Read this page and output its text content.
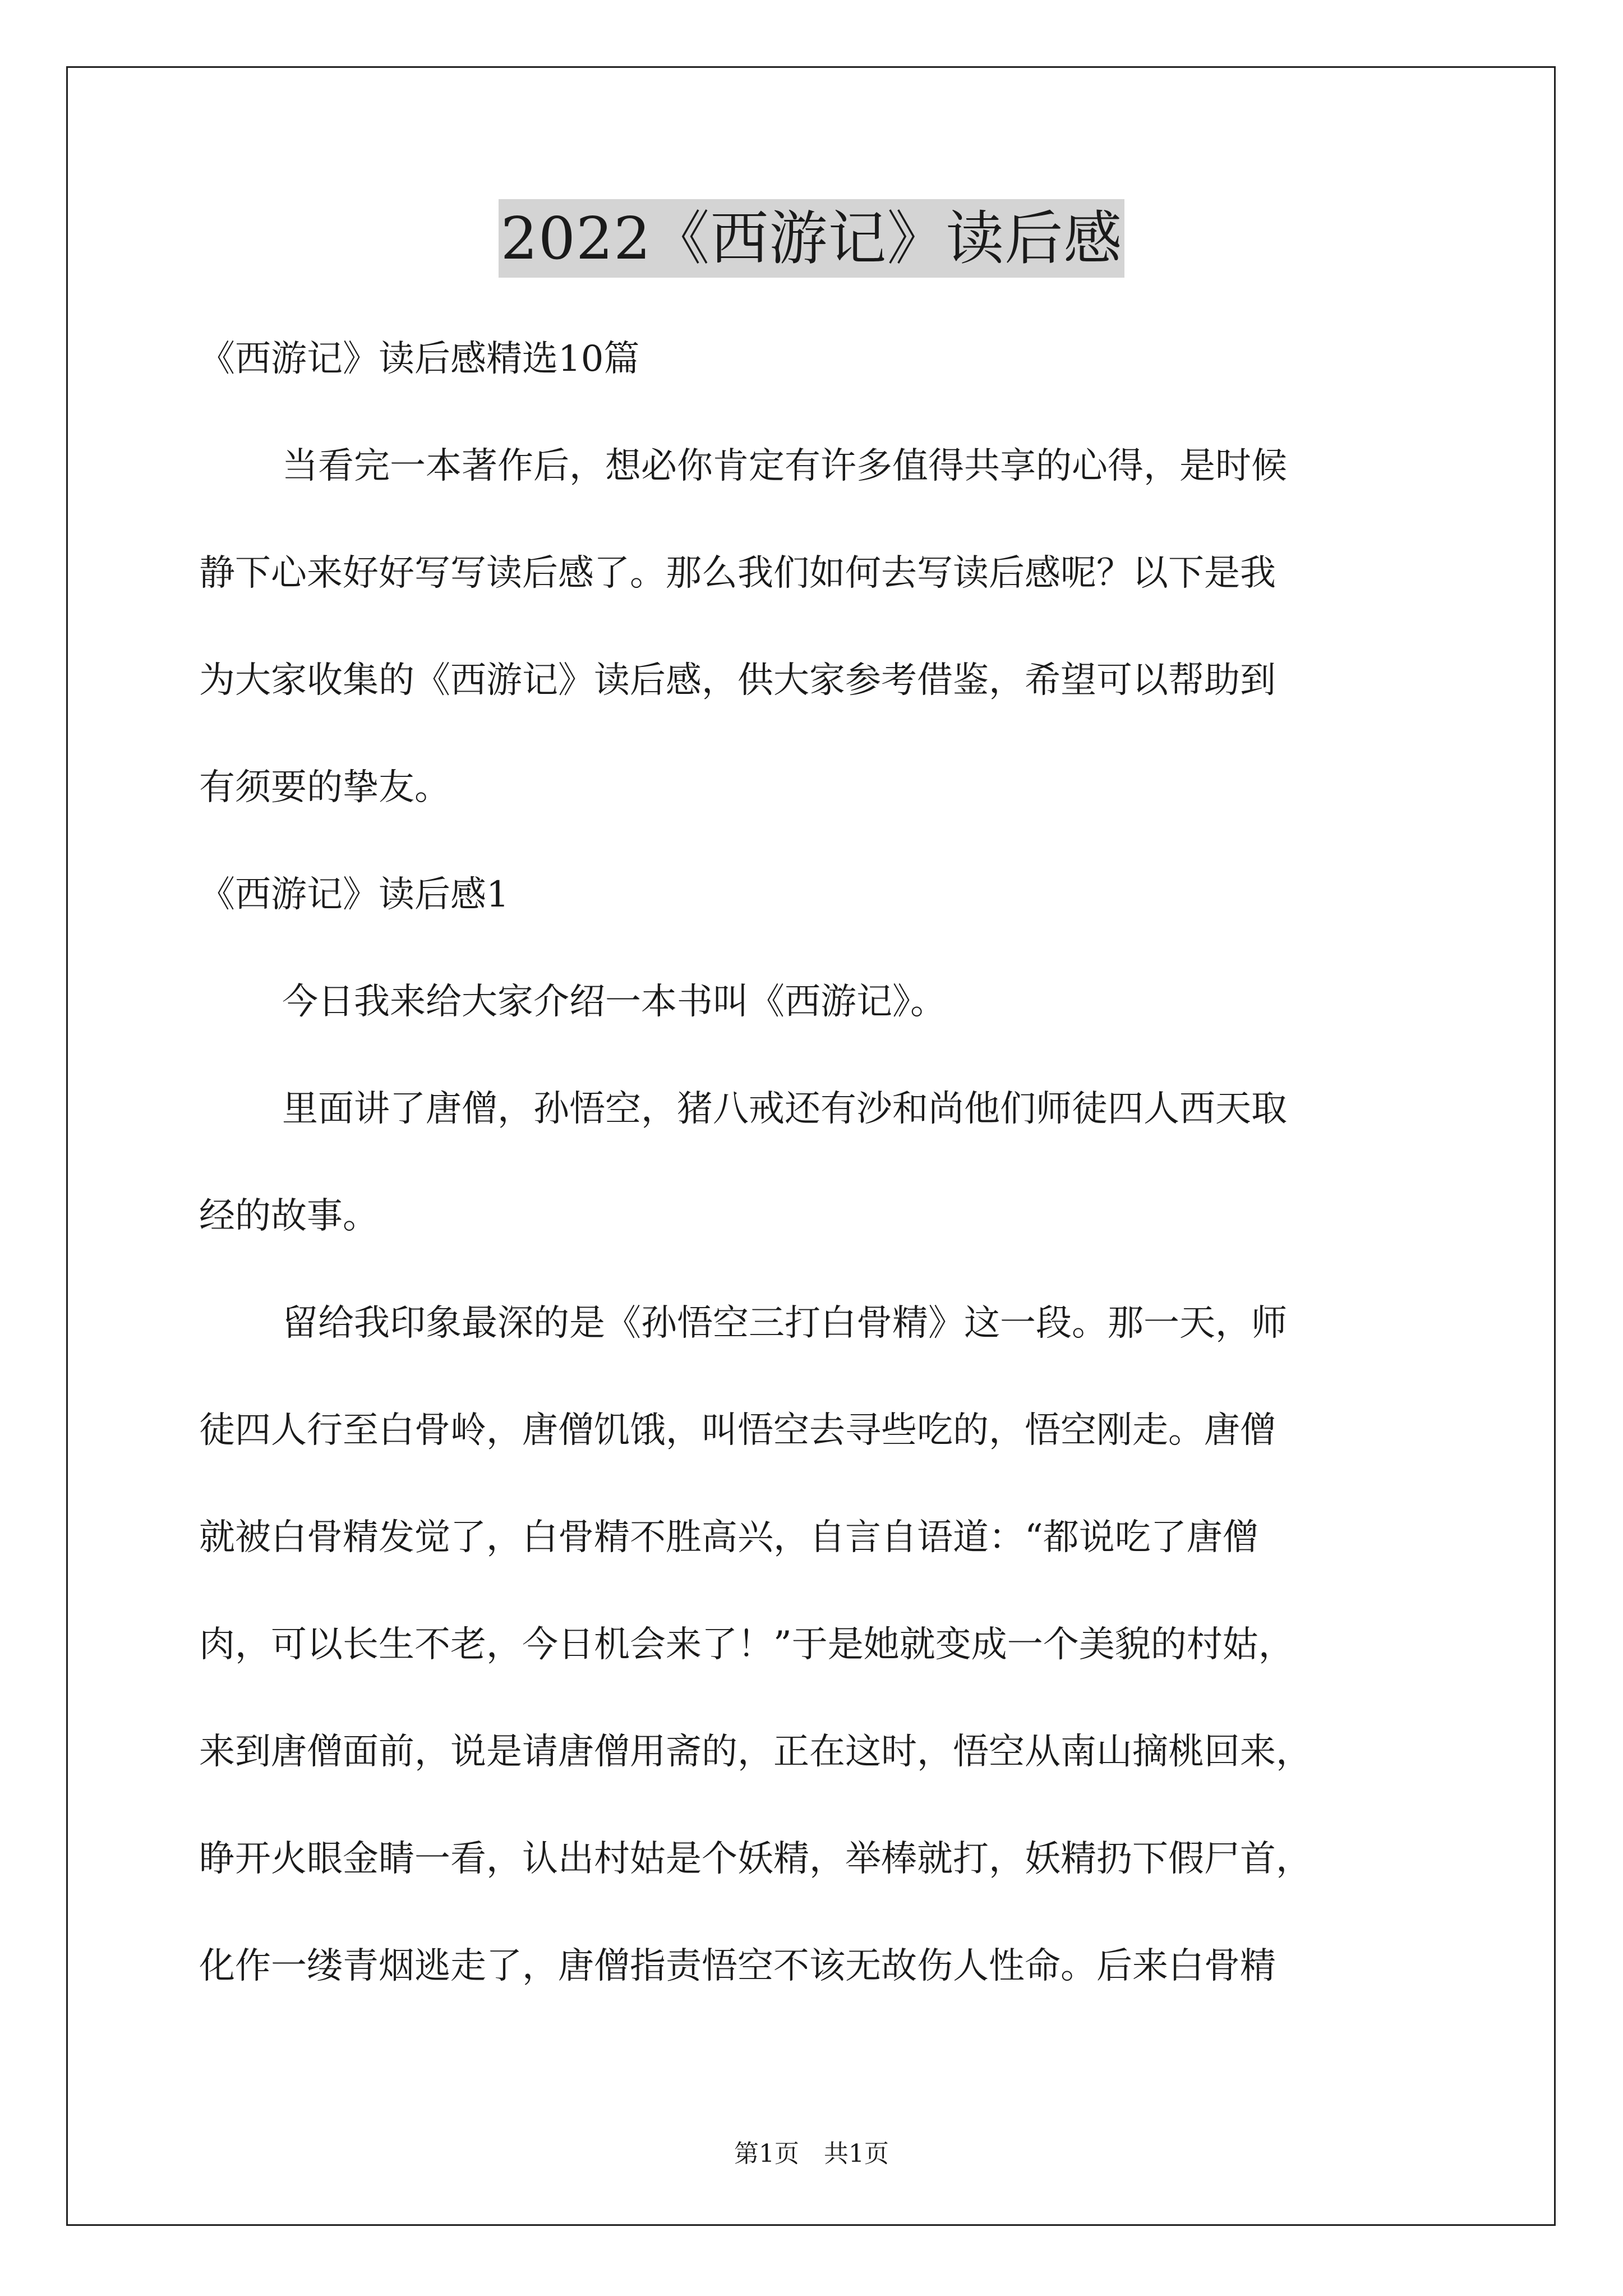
2022《西游记》读后感
《西游记》读后感精选10篇
当看完一本著作后，想必你肯定有许多值得共享的心得，是时候
静下心来好好写写读后感了。那么我们如何去写读后感呢？以下是我
为大家收集的《西游记》读后感，供大家参考借鉴，希望可以帮助到
有须要的挚友。
《西游记》读后感1
今日我来给大家介绍一本书叫《西游记》。
里面讲了唐僧，孙悟空，猪八戒还有沙和尚他们师徒四人西天取
经的故事。
留给我印象最深的是《孙悟空三打白骨精》这一段。那一天，师
徒四人行至白骨岭，唐僧饥饿，叫悟空去寻些吃的，悟空刚走。唐僧
就被白骨精发觉了，白骨精不胜高兴，自言自语道：“都说吃了唐僧
肉，可以长生不老，今日机会来了！”于是她就变成一个美貌的村姑，
来到唐僧面前，说是请唐僧用斋的，正在这时，悟空从南山摘桃回来，
睁开火眼金睛一看，认出村姑是个妖精，举棒就打，妖精扔下假尸首，
化作一缕青烟逃走了，唐僧指责悟空不该无故伤人性命。后来白骨精
第1页　共1页
